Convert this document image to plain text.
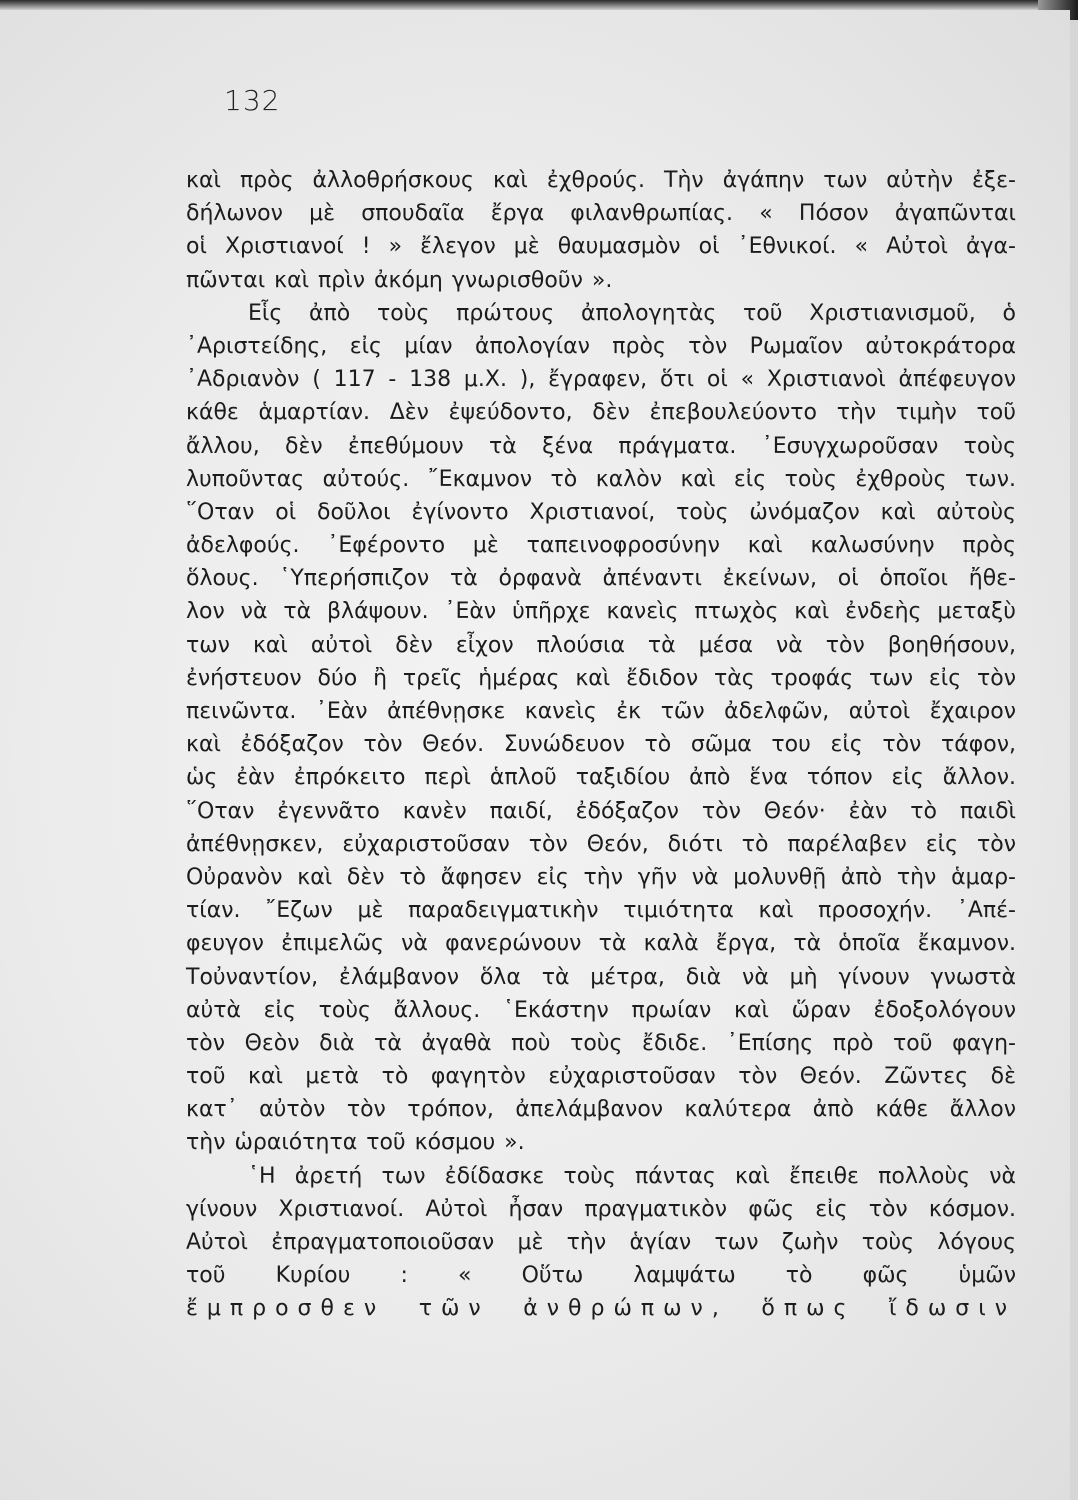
132
καὶ πρὸς ἀλλοθρήσκους καὶ ἐχθρούς. Τὴν ἀγάπην των αὐτὴν ἐξε-
δήλωνον μὲ σπουδαῖα ἔργα φιλανθρωπίας. « Πόσον ἀγαπῶνται
οἱ Χριστιανοί ! » ἔλεγον μὲ θαυμασμὸν οἱ ᾿Εθνικοί. « Αὐτοὶ ἀγα-
πῶνται καὶ πρὶν ἀκόμη γνωρισθοῦν ».
Εἷς ἀπὸ τοὺς πρώτους ἀπολογητὰς τοῦ Χριστιανισμοῦ, ὁ
᾿Αριστείδης, εἰς μίαν ἀπολογίαν πρὸς τὸν Ρωμαῖον αὐτοκράτορα
᾿Αδριανὸν ( 117 - 138 μ.Χ. ), ἔγραφεν, ὅτι οἱ « Χριστιανοὶ ἀπέφευγον
κάθε ἁμαρτίαν. Δὲν ἐψεύδοντο, δὲν ἐπεβουλεύοντο τὴν τιμὴν τοῦ
ἄλλου, δὲν ἐπεθύμουν τὰ ξένα πράγματα. ᾿Εσυγχωροῦσαν τοὺς
λυποῦντας αὐτούς. ῎Εκαμνον τὸ καλὸν καὶ εἰς τοὺς ἐχθροὺς των.
῞Οταν οἱ δοῦλοι ἐγίνοντο Χριστιανοί, τοὺς ὠνόμαζον καὶ αὐτοὺς
ἀδελφούς. ᾿Εφέροντο μὲ ταπεινοφροσύνην καὶ καλωσύνην πρὸς
ὅλους. ῾Υπερήσπιζον τὰ ὀρφανὰ ἀπέναντι ἐκείνων, οἱ ὁποῖοι ἤθε-
λον νὰ τὰ βλάψουν. ᾿Εὰν ὑπῆρχε κανεὶς πτωχὸς καὶ ἐνδεὴς μεταξὺ
των καὶ αὐτοὶ δὲν εἶχον πλούσια τὰ μέσα νὰ τὸν βοηθήσουν,
ἐνήστευον δύο ἢ τρεῖς ἡμέρας καὶ ἔδιδον τὰς τροφάς των εἰς τὸν
πεινῶντα. ᾿Εὰν ἀπέθνῃσκε κανεὶς ἐκ τῶν ἀδελφῶν, αὐτοὶ ἔχαιρον
καὶ ἐδόξαζον τὸν Θεόν. Συνώδευον τὸ σῶμα του εἰς τὸν τάφον,
ὡς ἐὰν ἐπρόκειτο περὶ ἁπλοῦ ταξιδίου ἀπὸ ἕνα τόπον εἰς ἄλλον.
῞Οταν ἐγεννᾶτο κανὲν παιδί, ἐδόξαζον τὸν Θεόν· ἐὰν τὸ παιδὶ
ἀπέθνῃσκεν, εὐχαριστοῦσαν τὸν Θεόν, διότι τὸ παρέλαβεν εἰς τὸν
Οὐρανὸν καὶ δὲν τὸ ἄφησεν εἰς τὴν γῆν νὰ μολυνθῇ ἀπὸ τὴν ἁμαρ-
τίαν. ῎Εζων μὲ παραδειγματικὴν τιμιότητα καὶ προσοχήν. ᾿Απέ-
φευγον ἐπιμελῶς νὰ φανερώνουν τὰ καλὰ ἔργα, τὰ ὁποῖα ἔκαμνον.
Τοὐναντίον, ἐλάμβανον ὅλα τὰ μέτρα, διὰ νὰ μὴ γίνουν γνωστὰ
αὐτὰ εἰς τοὺς ἄλλους. ῾Εκάστην πρωίαν καὶ ὥραν ἐδοξολόγουν
τὸν Θεὸν διὰ τὰ ἀγαθὰ ποὺ τοὺς ἔδιδε. ᾿Επίσης πρὸ τοῦ φαγη-
τοῦ καὶ μετὰ τὸ φαγητὸν εὐχαριστοῦσαν τὸν Θεόν. Ζῶντες δὲ
κατ᾿ αὐτὸν τὸν τρόπον, ἀπελάμβανον καλύτερα ἀπὸ κάθε ἄλλον
τὴν ὡραιότητα τοῦ κόσμου ».
῾Η ἀρετή των ἐδίδασκε τοὺς πάντας καὶ ἔπειθε πολλοὺς νὰ
γίνουν Χριστιανοί. Αὐτοὶ ἦσαν πραγματικὸν φῶς εἰς τὸν κόσμον.
Αὐτοὶ ἐπραγματοποιοῦσαν μὲ τὴν ἁγίαν των ζωὴν τοὺς λόγους
τοῦ Κυρίου : « Οὕτω λαμψάτω τὸ φῶς ὑμῶν
ἔμπροσθεν τῶν ἀνθρώπων, ὅπως ἴδωσιν
